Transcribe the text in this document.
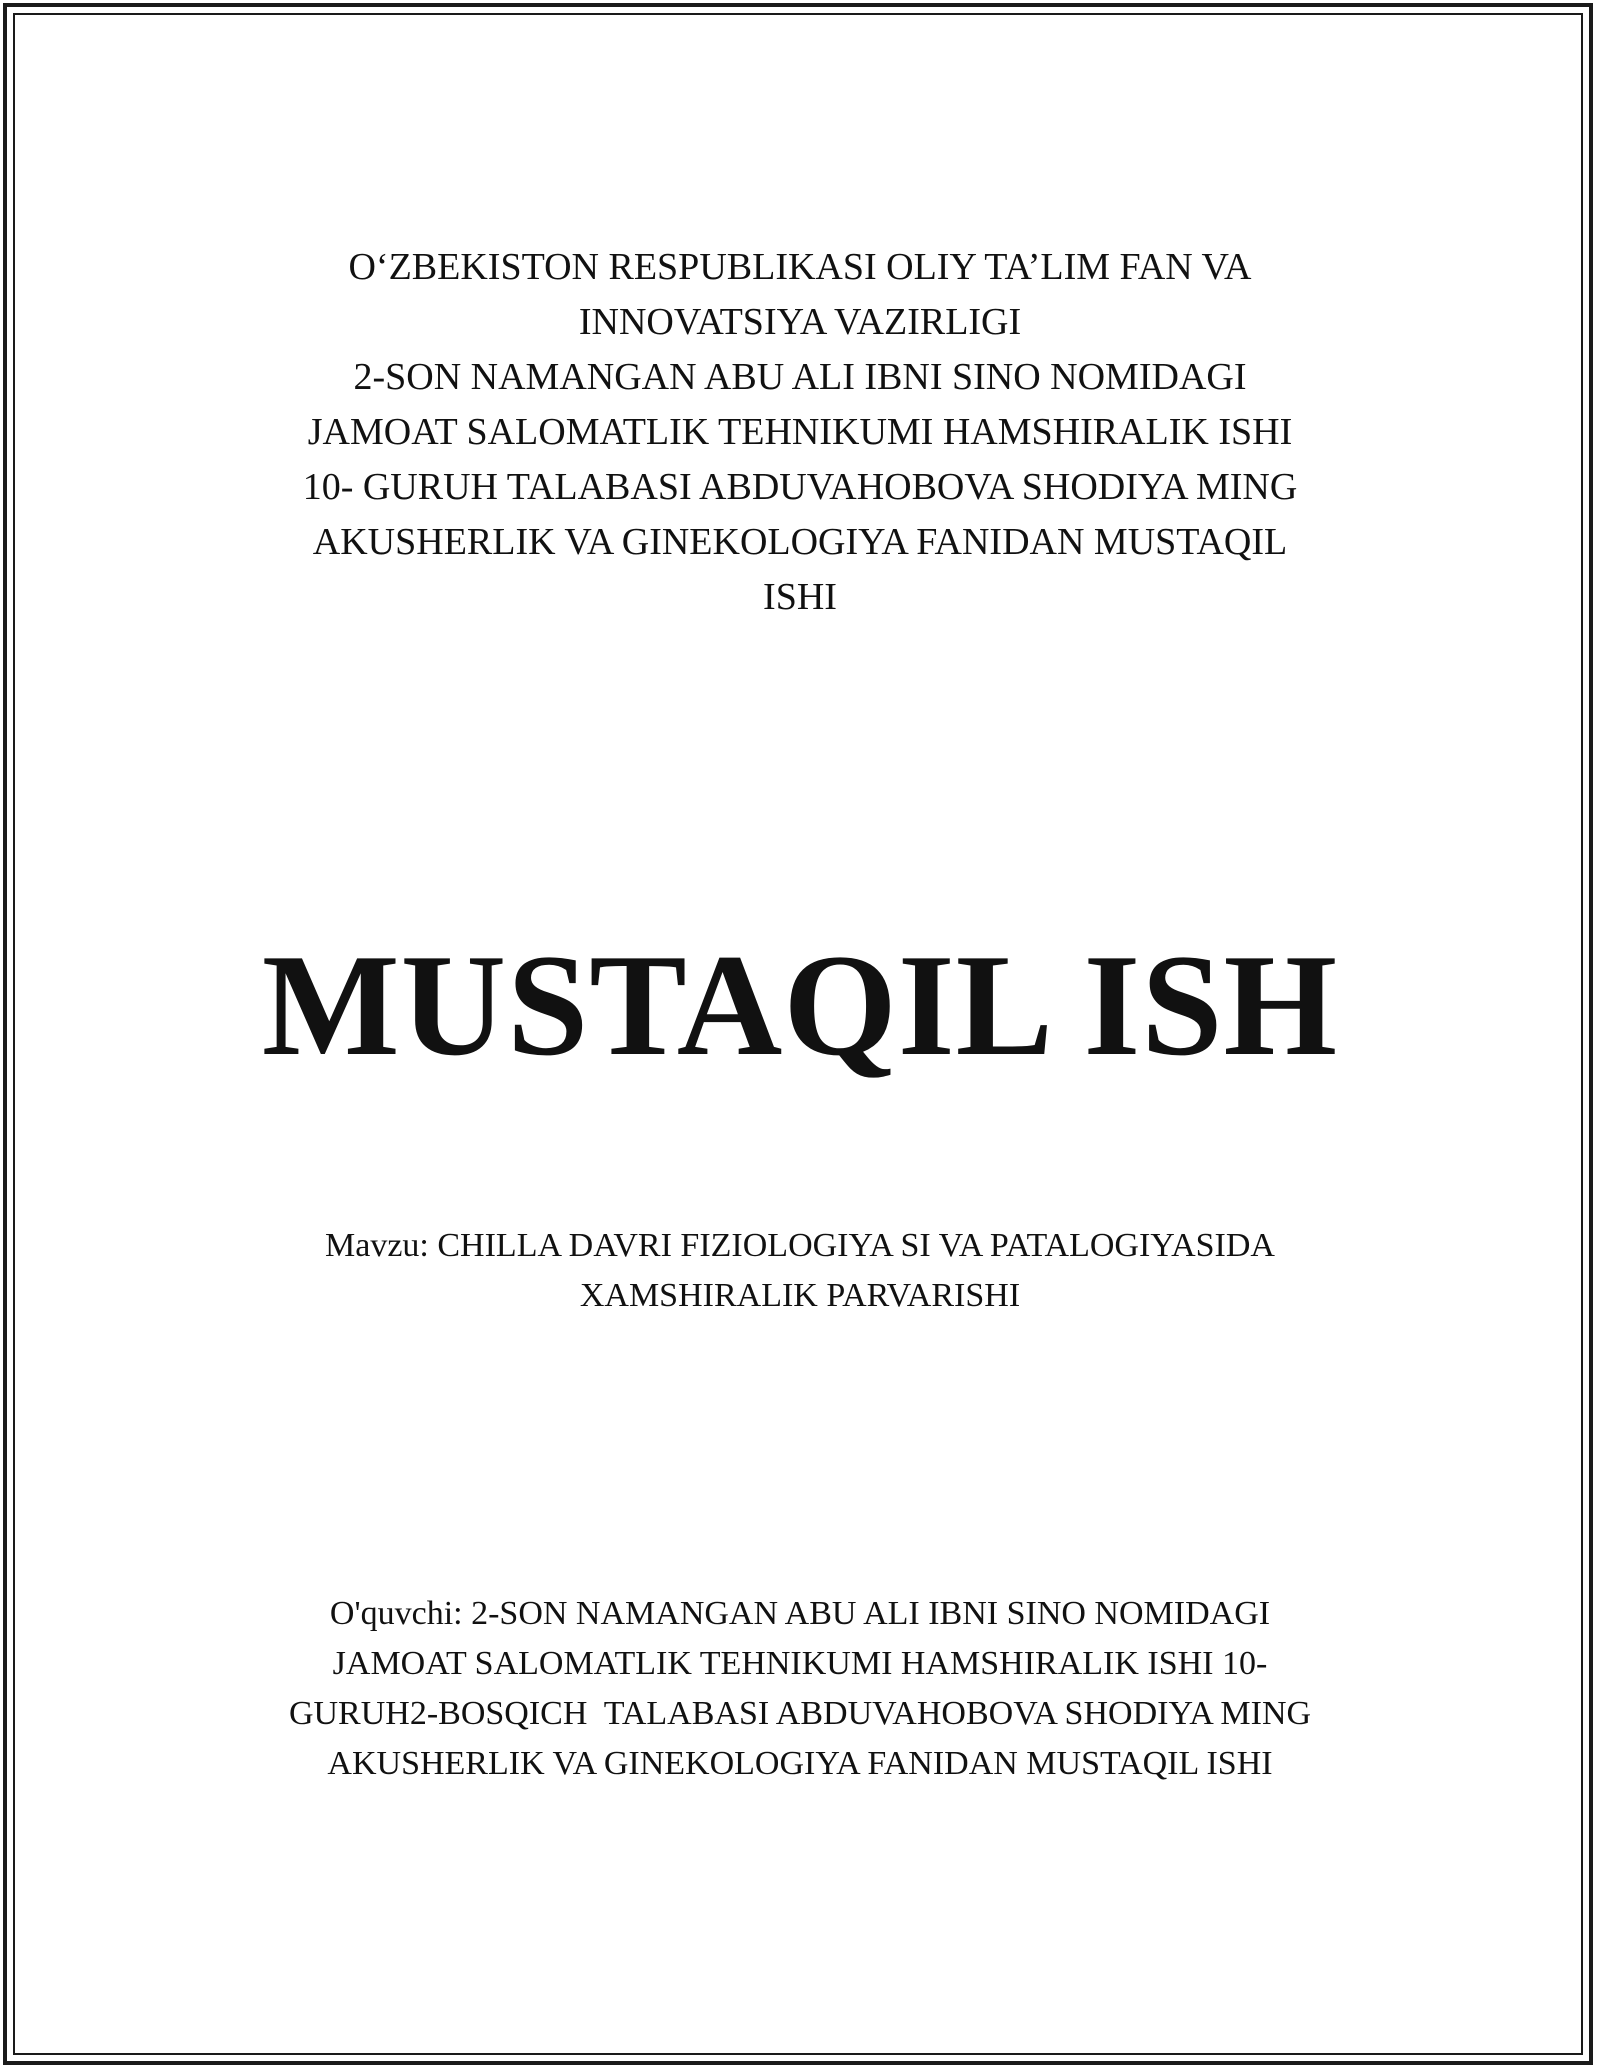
O‘ZBEKISTON RESPUBLIKASI OLIY TA’LIM FAN VA
INNOVATSIYA VAZIRLIGI
2-SON NAMANGAN ABU ALI IBNI SINO NOMIDAGI
JAMOAT SALOMATLIK TEHNIKUMI HAMSHIRALIK ISHI
10- GURUH TALABASI ABDUVAHOBOVA SHODIYA MING
AKUSHERLIK VA GINEKOLOGIYA FANIDAN MUSTAQIL
ISHI
MUSTAQIL ISH
Mavzu: CHILLA DAVRI FIZIOLOGIYA SI VA PATALOGIYASIDA
XAMSHIRALIK PARVARISHI
O'quvchi: 2-SON NAMANGAN ABU ALI IBNI SINO NOMIDAGI
JAMOAT SALOMATLIK TEHNIKUMI HAMSHIRALIK ISHI 10-
GURUH2-BOSQICH  TALABASI ABDUVAHOBOVA SHODIYA MING
AKUSHERLIK VA GINEKOLOGIYA FANIDAN MUSTAQIL ISHI
